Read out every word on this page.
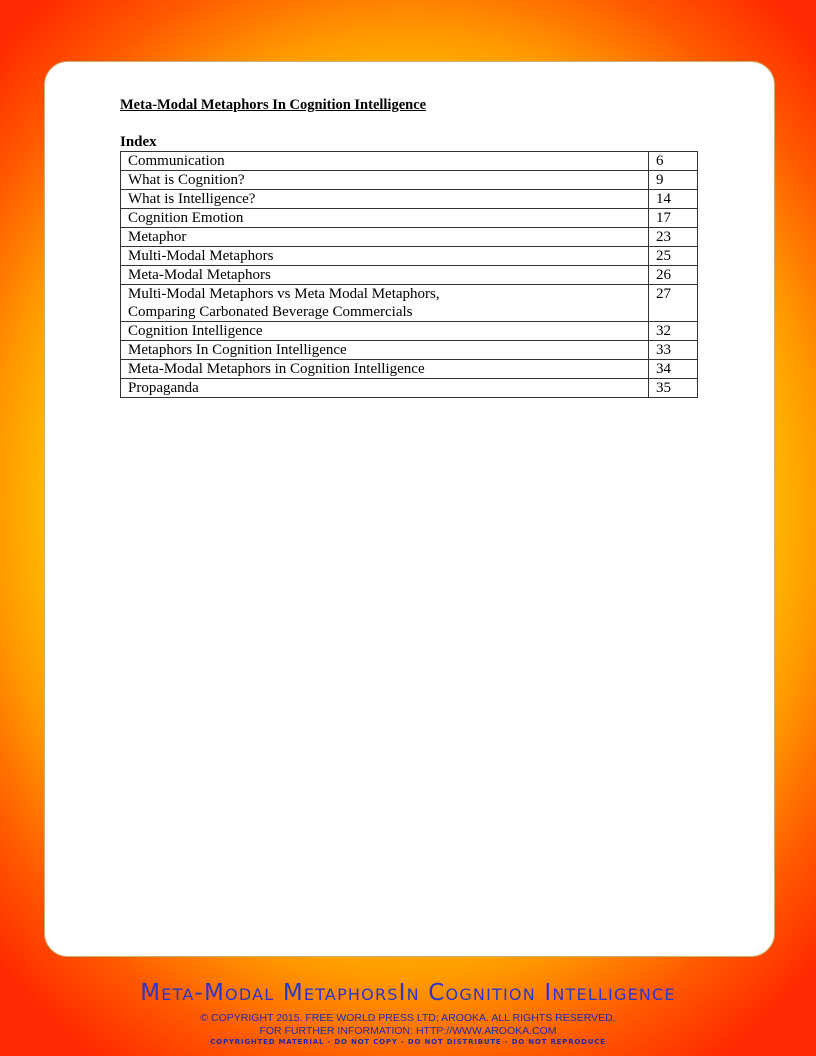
Meta-Modal Metaphors In Cognition Intelligence
Index
Communication	6
What is Cognition?	9
What is Intelligence?	14
Cognition Emotion	17
Metaphor	23
Multi-Modal Metaphors	25
Meta-Modal Metaphors	26

Multi-Modal Metaphors vs Meta Modal Metaphors,
Comparing Carbonated Beverage Commercials	27
Cognition Intelligence	32
Metaphors In Cognition Intelligence	33
Meta-Modal Metaphors in Cognition Intelligence	34
Propaganda	35
Meta-Modal MetaphorsIn Cognition Intelligence
© COPYRIGHT 2015. FREE WORLD PRESS LTD; AROOKA. ALL RIGHTS RESERVED.
FOR FURTHER INFORMATION: HTTP://WWW.AROOKA.COM
COPYRIGHTED MATERIAL - DO NOT COPY - DO NOT DISTRIBUTE - DO NOT REPRODUCE
